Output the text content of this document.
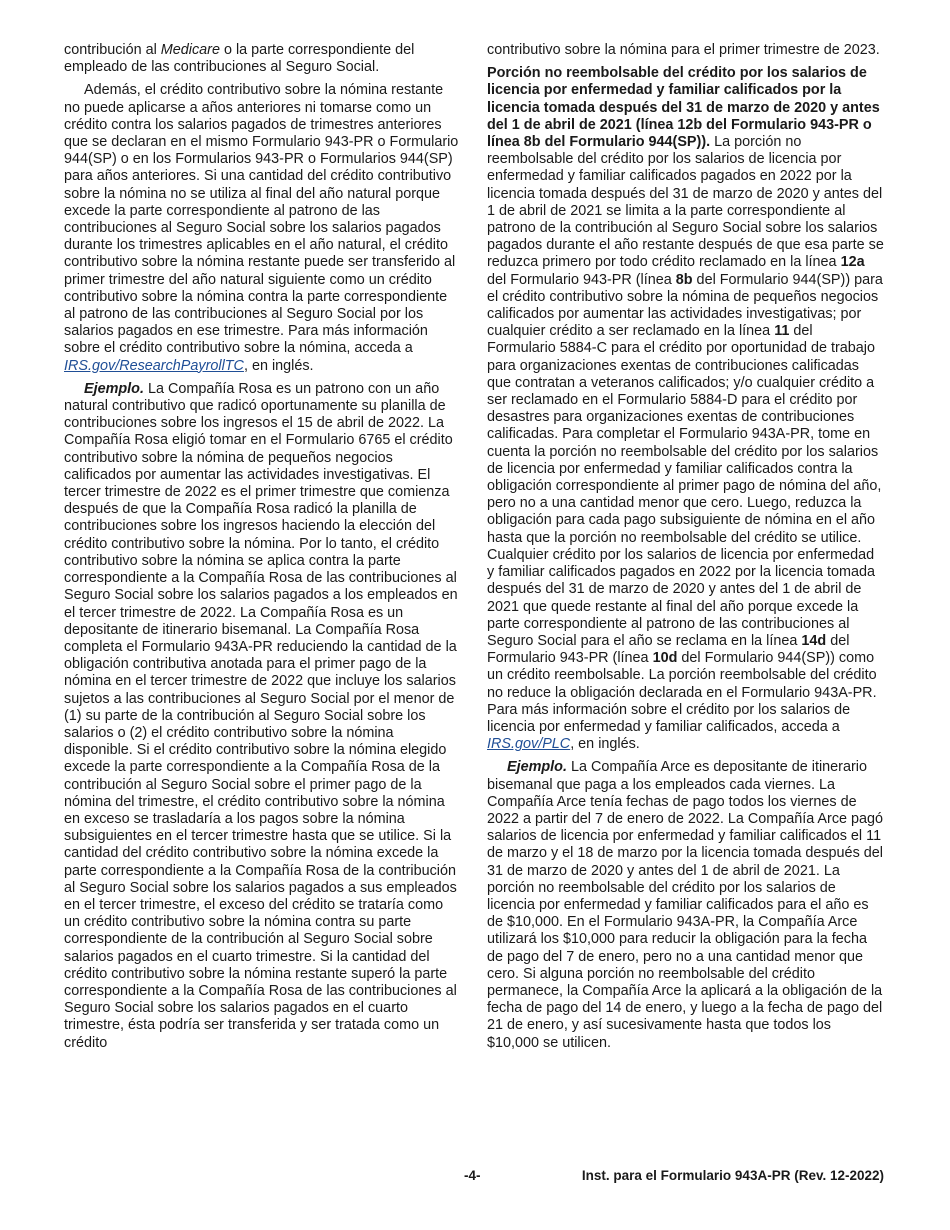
contribución al Medicare o la parte correspondiente del empleado de las contribuciones al Seguro Social.

Además, el crédito contributivo sobre la nómina restante no puede aplicarse a años anteriores ni tomarse como un crédito contra los salarios pagados de trimestres anteriores que se declaran en el mismo Formulario 943-PR o Formulario 944(SP) o en los Formularios 943-PR o Formularios 944(SP) para años anteriores. Si una cantidad del crédito contributivo sobre la nómina no se utiliza al final del año natural porque excede la parte correspondiente al patrono de las contribuciones al Seguro Social sobre los salarios pagados durante los trimestres aplicables en el año natural, el crédito contributivo sobre la nómina restante puede ser transferido al primer trimestre del año natural siguiente como un crédito contributivo sobre la nómina contra la parte correspondiente al patrono de las contribuciones al Seguro Social por los salarios pagados en ese trimestre. Para más información sobre el crédito contributivo sobre la nómina, acceda a IRS.gov/ResearchPayrollTC, en inglés.

Ejemplo. La Compañía Rosa es un patrono con un año natural contributivo que radicó oportunamente su planilla de contribuciones sobre los ingresos el 15 de abril de 2022. La Compañía Rosa eligió tomar en el Formulario 6765 el crédito contributivo sobre la nómina de pequeños negocios calificados por aumentar las actividades investigativas. El tercer trimestre de 2022 es el primer trimestre que comienza después de que la Compañía Rosa radicó la planilla de contribuciones sobre los ingresos haciendo la elección del crédito contributivo sobre la nómina. Por lo tanto, el crédito contributivo sobre la nómina se aplica contra la parte correspondiente a la Compañía Rosa de las contribuciones al Seguro Social sobre los salarios pagados a los empleados en el tercer trimestre de 2022. La Compañía Rosa es un depositante de itinerario bisemanal. La Compañía Rosa completa el Formulario 943A-PR reduciendo la cantidad de la obligación contributiva anotada para el primer pago de la nómina en el tercer trimestre de 2022 que incluye los salarios sujetos a las contribuciones al Seguro Social por el menor de (1) su parte de la contribución al Seguro Social sobre los salarios o (2) el crédito contributivo sobre la nómina disponible. Si el crédito contributivo sobre la nómina elegido excede la parte correspondiente a la Compañía Rosa de la contribución al Seguro Social sobre el primer pago de la nómina del trimestre, el crédito contributivo sobre la nómina en exceso se trasladaría a los pagos sobre la nómina subsiguientes en el tercer trimestre hasta que se utilice. Si la cantidad del crédito contributivo sobre la nómina excede la parte correspondiente a la Compañía Rosa de la contribución al Seguro Social sobre los salarios pagados a sus empleados en el tercer trimestre, el exceso del crédito se trataría como un crédito contributivo sobre la nómina contra su parte correspondiente de la contribución al Seguro Social sobre salarios pagados en el cuarto trimestre. Si la cantidad del crédito contributivo sobre la nómina restante superó la parte correspondiente a la Compañía Rosa de las contribuciones al Seguro Social sobre los salarios pagados en el cuarto trimestre, ésta podría ser transferida y ser tratada como un crédito

contributivo sobre la nómina para el primer trimestre de 2023.

Porción no reembolsable del crédito por los salarios de licencia por enfermedad y familiar calificados por la licencia tomada después del 31 de marzo de 2020 y antes del 1 de abril de 2021 (línea 12b del Formulario 943-PR o línea 8b del Formulario 944(SP)). La porción no reembolsable del crédito por los salarios de licencia por enfermedad y familiar calificados pagados en 2022 por la licencia tomada después del 31 de marzo de 2020 y antes del 1 de abril de 2021 se limita a la parte correspondiente al patrono de la contribución al Seguro Social sobre los salarios pagados durante el año restante después de que esa parte se reduzca primero por todo crédito reclamado en la línea 12a del Formulario 943-PR (línea 8b del Formulario 944(SP)) para el crédito contributivo sobre la nómina de pequeños negocios calificados por aumentar las actividades investigativas; por cualquier crédito a ser reclamado en la línea 11 del Formulario 5884-C para el crédito por oportunidad de trabajo para organizaciones exentas de contribuciones calificadas que contratan a veteranos calificados; y/o cualquier crédito a ser reclamado en el Formulario 5884-D para el crédito por desastres para organizaciones exentas de contribuciones calificadas. Para completar el Formulario 943A-PR, tome en cuenta la porción no reembolsable del crédito por los salarios de licencia por enfermedad y familiar calificados contra la obligación correspondiente al primer pago de nómina del año, pero no a una cantidad menor que cero. Luego, reduzca la obligación para cada pago subsiguiente de nómina en el año hasta que la porción no reembolsable del crédito se utilice. Cualquier crédito por los salarios de licencia por enfermedad y familiar calificados pagados en 2022 por la licencia tomada después del 31 de marzo de 2020 y antes del 1 de abril de 2021 que quede restante al final del año porque excede la parte correspondiente al patrono de las contribuciones al Seguro Social para el año se reclama en la línea 14d del Formulario 943-PR (línea 10d del Formulario 944(SP)) como un crédito reembolsable. La porción reembolsable del crédito no reduce la obligación declarada en el Formulario 943A-PR. Para más información sobre el crédito por los salarios de licencia por enfermedad y familiar calificados, acceda a IRS.gov/PLC, en inglés.

Ejemplo. La Compañía Arce es depositante de itinerario bisemanal que paga a los empleados cada viernes. La Compañía Arce tenía fechas de pago todos los viernes de 2022 a partir del 7 de enero de 2022. La Compañía Arce pagó salarios de licencia por enfermedad y familiar calificados el 11 de marzo y el 18 de marzo por la licencia tomada después del 31 de marzo de 2020 y antes del 1 de abril de 2021. La porción no reembolsable del crédito por los salarios de licencia por enfermedad y familiar calificados para el año es de $10,000. En el Formulario 943A-PR, la Compañía Arce utilizará los $10,000 para reducir la obligación para la fecha de pago del 7 de enero, pero no a una cantidad menor que cero. Si alguna porción no reembolsable del crédito permanece, la Compañía Arce la aplicará a la obligación de la fecha de pago del 14 de enero, y luego a la fecha de pago del 21 de enero, y así sucesivamente hasta que todos los $10,000 se utilicen.

-4-	Inst. para el Formulario 943A-PR (Rev. 12-2022)
